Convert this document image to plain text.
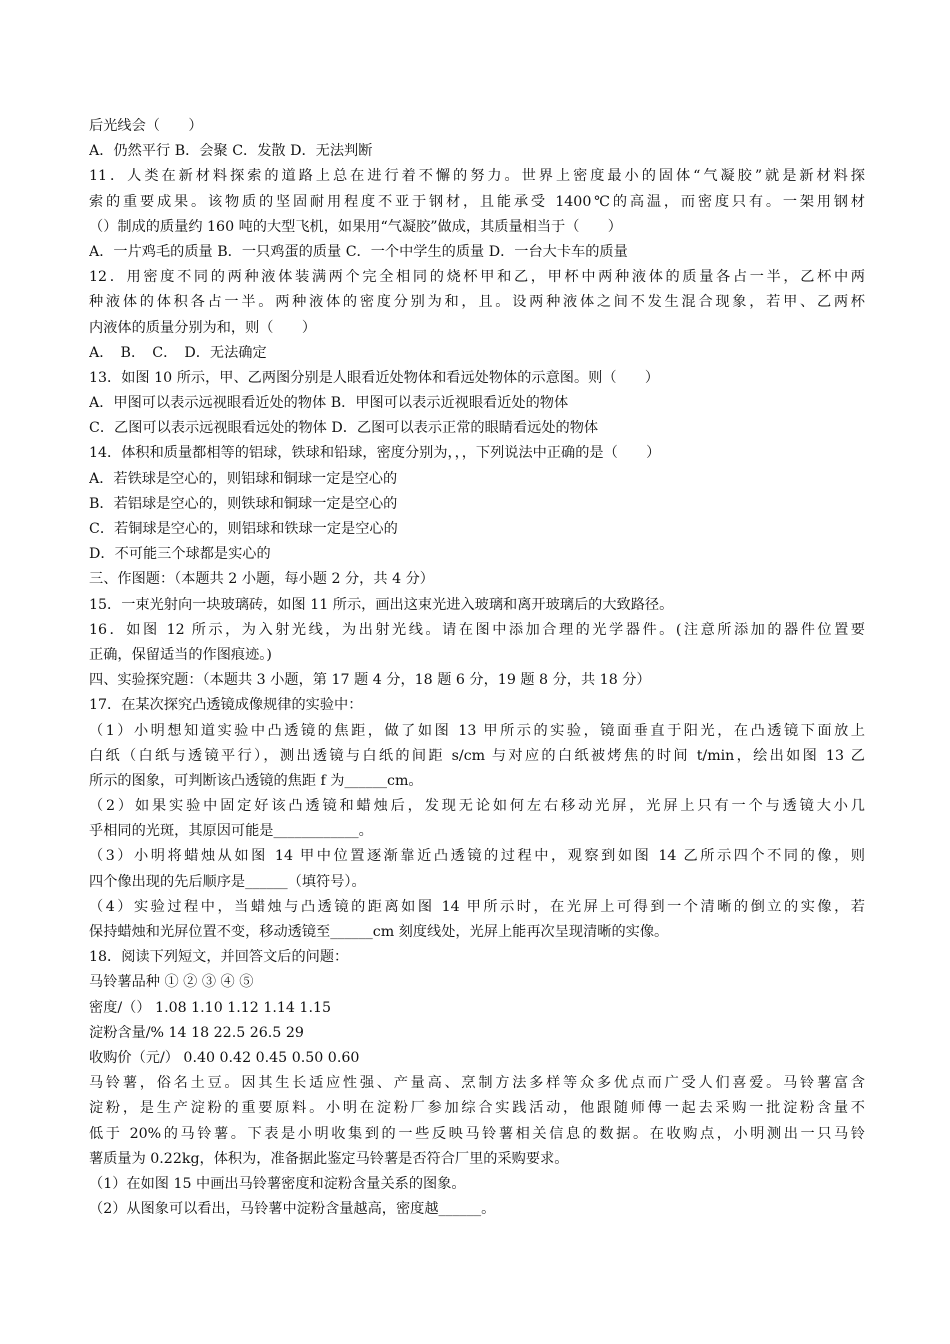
后光线会（　　）
A．仍然平行 B．会聚 C．发散 D．无法判断
11．人类在新材料探索的道路上总在进行着不懈的努力。世界上密度最小的固体“气凝胶”就是新材料探
索的重要成果。该物质的坚固耐用程度不亚于钢材，且能承受 1400℃的高温，而密度只有。一架用钢材
（）制成的质量约 160 吨的大型飞机，如果用“气凝胶”做成，其质量相当于（　　）
A．一片鸡毛的质量 B．一只鸡蛋的质量 C．一个中学生的质量 D．一台大卡车的质量
12．用密度不同的两种液体装满两个完全相同的烧杯甲和乙，甲杯中两种液体的质量各占一半，乙杯中两
种液体的体积各占一半。两种液体的密度分别为和，且。设两种液体之间不发生混合现象，若甲、乙两杯
内液体的质量分别为和，则（　　）
A．　B．　C．　D．无法确定
13．如图 10 所示，甲、乙两图分别是人眼看近处物体和看远处物体的示意图。则（　　）
A．甲图可以表示远视眼看近处的物体 B．甲图可以表示近视眼看近处的物体
C．乙图可以表示远视眼看远处的物体 D．乙图可以表示正常的眼睛看远处的物体
14．体积和质量都相等的铝球，铁球和铅球，密度分别为，，，下列说法中正确的是（　　）
A．若铁球是空心的，则铝球和铜球一定是空心的
B．若铝球是空心的，则铁球和铜球一定是空心的
C．若铜球是空心的，则铝球和铁球一定是空心的
D．不可能三个球都是实心的
三、作图题：（本题共 2 小题，每小题 2 分，共 4 分）
15．一束光射向一块玻璃砖，如图 11 所示，画出这束光进入玻璃和离开玻璃后的大致路径。
16．如图 12 所示，为入射光线，为出射光线。请在图中添加合理的光学器件。(注意所添加的器件位置要
正确，保留适当的作图痕迹。)
四、实验探究题：（本题共 3 小题，第 17 题 4 分，18 题 6 分，19 题 8 分，共 18 分）
17．在某次探究凸透镜成像规律的实验中：
（1）小明想知道实验中凸透镜的焦距，做了如图 13 甲所示的实验，镜面垂直于阳光，在凸透镜下面放上
白纸（白纸与透镜平行），测出透镜与白纸的间距 s/cm 与对应的白纸被烤焦的时间 t/min，绘出如图 13 乙
所示的图象，可判断该凸透镜的焦距 f 为______cm。
（2）如果实验中固定好该凸透镜和蜡烛后，发现无论如何左右移动光屏，光屏上只有一个与透镜大小几
乎相同的光斑，其原因可能是____________。
（3）小明将蜡烛从如图 14 甲中位置逐渐靠近凸透镜的过程中，观察到如图 14 乙所示四个不同的像，则
四个像出现的先后顺序是______（填符号）。
（4）实验过程中，当蜡烛与凸透镜的距离如图 14 甲所示时，在光屏上可得到一个清晰的倒立的实像，若
保持蜡烛和光屏位置不变，移动透镜至______cm 刻度线处，光屏上能再次呈现清晰的实像。
18．阅读下列短文，并回答文后的问题：
马铃薯品种 ① ② ③ ④ ⑤
密度/（） 1.08 1.10 1.12 1.14 1.15
淀粉含量/% 14 18 22.5 26.5 29
收购价（元/） 0.40 0.42 0.45 0.50 0.60
马铃薯，俗名土豆。因其生长适应性强、产量高、烹制方法多样等众多优点而广受人们喜爱。马铃薯富含
淀粉，是生产淀粉的重要原料。小明在淀粉厂参加综合实践活动，他跟随师傅一起去采购一批淀粉含量不
低于 20%的马铃薯。下表是小明收集到的一些反映马铃薯相关信息的数据。在收购点，小明测出一只马铃
薯质量为 0.22kg，体积为，准备据此鉴定马铃薯是否符合厂里的采购要求。
（1）在如图 15 中画出马铃薯密度和淀粉含量关系的图象。
（2）从图象可以看出，马铃薯中淀粉含量越高，密度越______。
